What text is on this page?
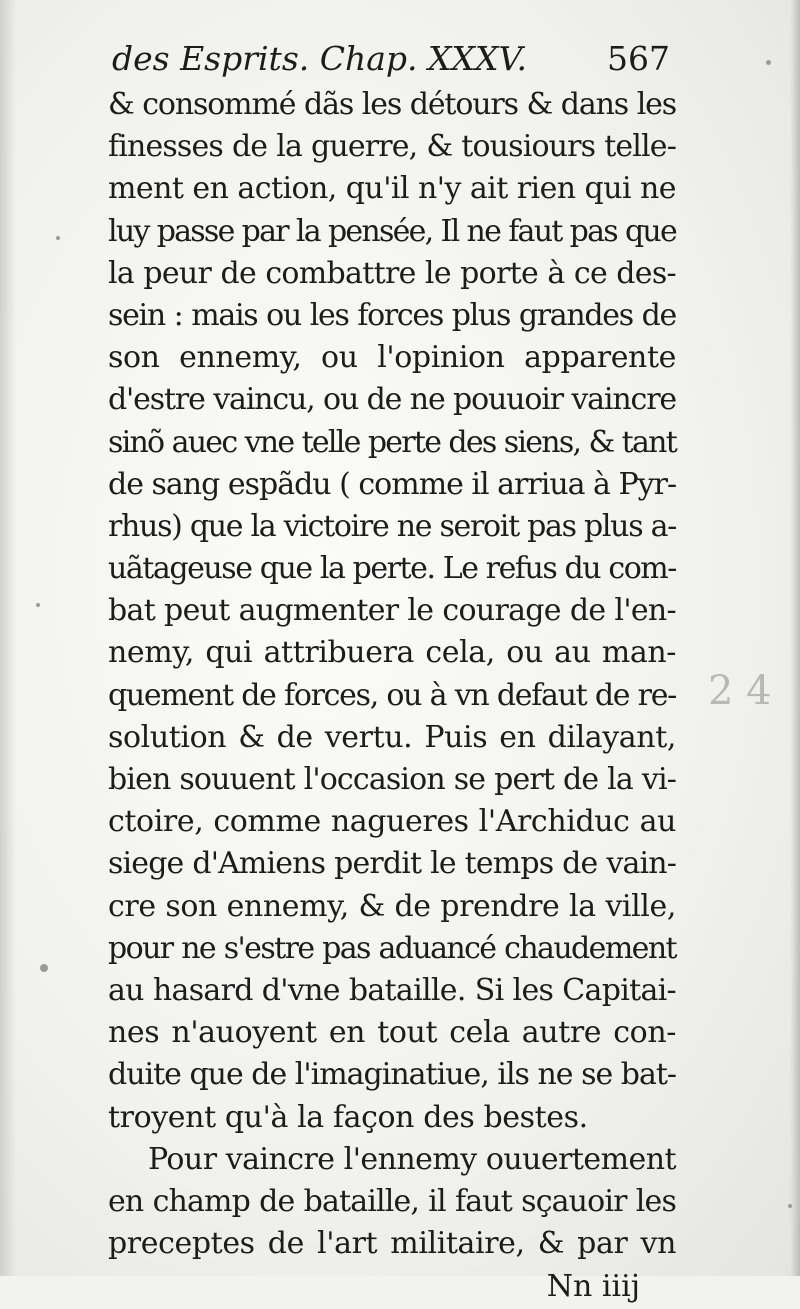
des Esprits. Chap. XXXV. 567
& consommé dãs les détours & dans les
finesses de la guerre, & tousiours telle-
ment en action, qu'il n'y ait rien qui ne
luy passe par la pensée, Il ne faut pas que
la peur de combattre le porte à ce des-
sein : mais ou les forces plus grandes de
son ennemy, ou l'opinion apparente
d'estre vaincu, ou de ne pouuoir vaincre
sinõ auec vne telle perte des siens, & tant
de sang espãdu ( comme il arriua à Pyr-
rhus) que la victoire ne seroit pas plus a-
uãtageuse que la perte. Le refus du com-
bat peut augmenter le courage de l'en-
nemy, qui attribuera cela, ou au man-
quement de forces, ou à vn defaut de re-
solution & de vertu. Puis en dilayant,
bien souuent l'occasion se pert de la vi-
ctoire, comme nagueres l'Archiduc au
siege d'Amiens perdit le temps de vain-
cre son ennemy, & de prendre la ville,
pour ne s'estre pas aduancé chaudement
au hasard d'vne bataille. Si les Capitai-
nes n'auoyent en tout cela autre con-
duite que de l'imaginatiue, ils ne se bat-
troyent qu'à la façon des bestes.
Pour vaincre l'ennemy ouuertement
en champ de bataille, il faut sçauoir les
preceptes de l'art militaire, & par vn
Nn iiij
2 4
